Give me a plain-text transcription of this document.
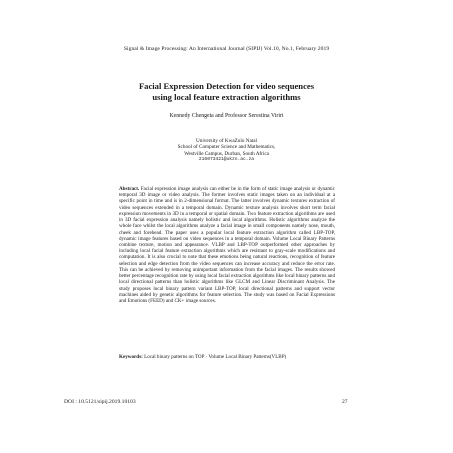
Signal & Image Processing: An International Journal (SIPIJ) Vol.10, No.1, February 2019
Facial Expression Detection for video sequences
using local feature extraction algorithms
Kennedy Chengeta and Professor Serestina Viriri
University of KwaZulu Natal
School of Computer Science and Mathematics,
Westville Campus, Durban, South Africa
216073421@ukzn.ac.za
Abstract. Facial expression image analysis can either be in the form of static image analysis or dynamic temporal 3D image or video analysis. The former involves static images taken on an individual at a specific point in time and is in 2-dimensional format. The latter involves dynamic textures extraction of video sequences extended in a temporal domain. Dynamic texture analysis involves short term facial expression movements in 3D in a temporal or spatial domain. Two feature extraction algorithms are used in 3D facial expression analysis namely holistic and local algorithms. Holistic algorithms analyze the whole face whilst the local algorithms analyze a facial image in small components namely nose, mouth, cheek and forehead. The paper uses a popular local feature extraction algorithm called LBP-TOP, dynamic image features based on video sequences in a temporal domain. Volume Local Binary Patterns combine texture, motion and appearance. VLBP and LBP-TOP outperformed other approaches by including local facial feature extraction algorithms which are resistant to gray-scale modifications and computation. It is also crucial to note that these emotions being natural reactions, recognition of feature selection and edge detection from the video sequences can increase accuracy and reduce the error rate. This can be achieved by removing unimportant information from the facial images. The results showed better percentage recognition rate by using local facial extraction algorithms like local binary patterns and local directional patterns than holistic algorithms like GLCM and Linear Discriminant Analysis. The study proposes local binary pattern variant LBP-TOP, local directional patterns and support vector machines aided by genetic algorithms for feature selection. The study was based on Facial Expressions and Emotions (FEED) and CK+ image sources.
Keywords: Local binary patterns on TOP · Volume Local Binary Patterns(VLBP)
DOI : 10.5121/sipij.2019.10103	27
